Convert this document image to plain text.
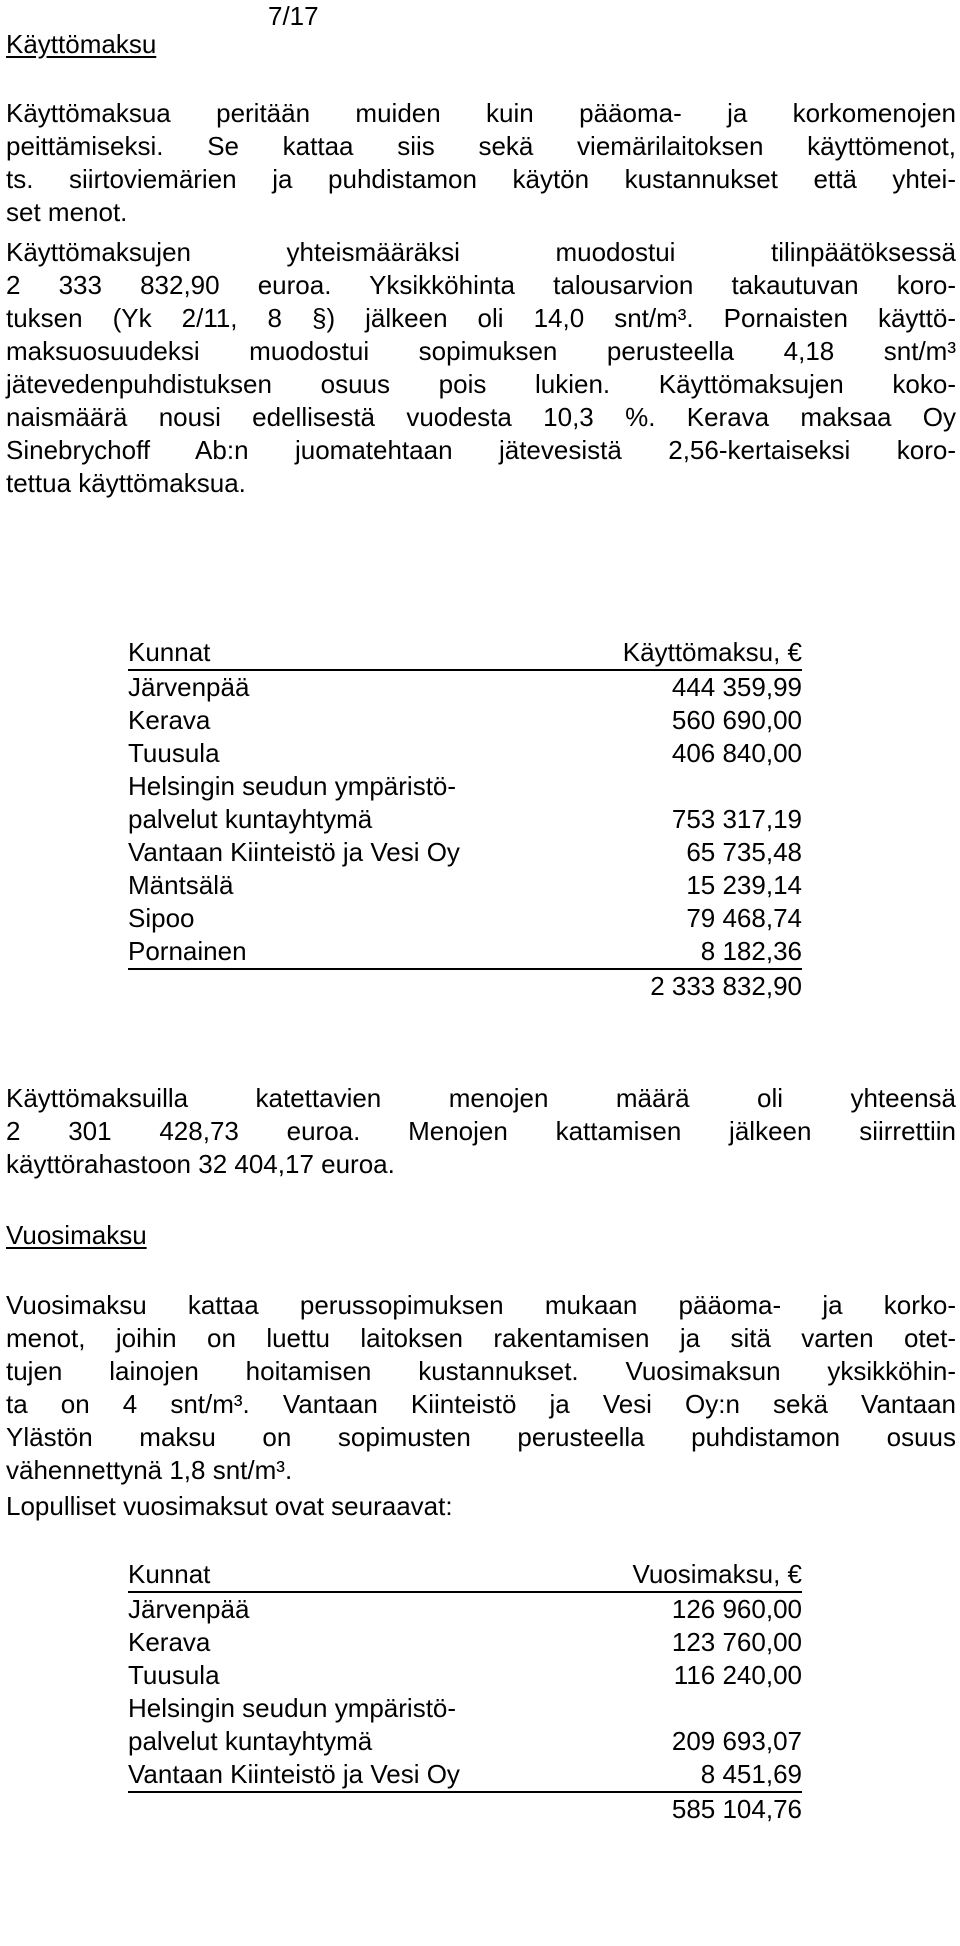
7/17
Käyttömaksu
Käyttömaksua peritään muiden kuin pääoma- ja korkomenojen
peittämiseksi. Se kattaa siis sekä viemärilaitoksen käyttömenot,
ts. siirtoviemärien ja puhdistamon käytön kustannukset että yhtei-
set menot.
Käyttömaksujen yhteismääräksi muodostui tilinpäätöksessä
2 333 832,90 euroa. Yksikköhinta talousarvion takautuvan koro-
tuksen (Yk 2/11, 8 §) jälkeen oli 14,0 snt/m³. Pornaisten käyttö-
maksuosuudeksi muodostui sopimuksen perusteella 4,18 snt/m³
jätevedenpuhdistuksen osuus pois lukien. Käyttömaksujen koko-
naismäärä nousi edellisestä vuodesta 10,3 %. Kerava maksaa Oy
Sinebrychoff Ab:n juomatehtaan jätevesistä 2,56-kertaiseksi koro-
tettua käyttömaksua.
Kunnat	Käyttömaksu, €
Järvenpää	444 359,99
Kerava	560 690,00
Tuusula	406 840,00
Helsingin seudun ympäristö-
palvelut kuntayhtymä	753 317,19
Vantaan Kiinteistö ja Vesi Oy	65 735,48
Mäntsälä	15 239,14
Sipoo	79 468,74
Pornainen	8 182,36
2 333 832,90
Käyttömaksuilla katettavien menojen määrä oli yhteensä
2 301 428,73 euroa. Menojen kattamisen jälkeen siirrettiin
käyttörahastoon 32 404,17 euroa.
Vuosimaksu
Vuosimaksu kattaa perussopimuksen mukaan pääoma- ja korko-
menot, joihin on luettu laitoksen rakentamisen ja sitä varten otet-
tujen lainojen hoitamisen kustannukset. Vuosimaksun yksikköhin-
ta on 4 snt/m³. Vantaan Kiinteistö ja Vesi Oy:n sekä Vantaan
Ylästön maksu on sopimusten perusteella puhdistamon osuus
vähennettynä 1,8 snt/m³.
Lopulliset vuosimaksut ovat seuraavat:
Kunnat	Vuosimaksu, €
Järvenpää	126 960,00
Kerava	123 760,00
Tuusula	116 240,00
Helsingin seudun ympäristö-
palvelut kuntayhtymä	209 693,07
Vantaan Kiinteistö ja Vesi Oy	8 451,69
585 104,76
